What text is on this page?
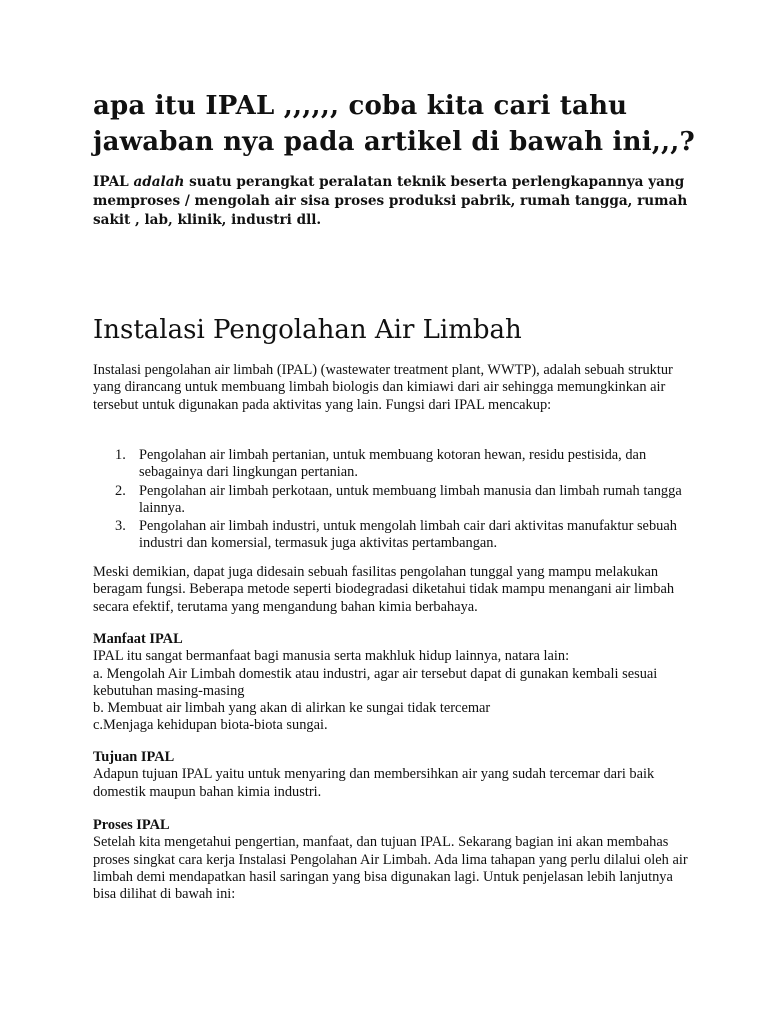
apa itu IPAL ,,,,,, coba kita cari tahu
jawaban nya pada artikel di bawah ini,,,?

IPAL adalah suatu perangkat peralatan teknik beserta perlengkapannya yang memproses / mengolah air sisa proses produksi pabrik, rumah tangga, rumah sakit , lab, klinik, industri dll.

Instalasi Pengolahan Air Limbah

Instalasi pengolahan air limbah (IPAL) (wastewater treatment plant, WWTP), adalah sebuah struktur yang dirancang untuk membuang limbah biologis dan kimiawi dari air sehingga memungkinkan air tersebut untuk digunakan pada aktivitas yang lain. Fungsi dari IPAL mencakup:

1. Pengolahan air limbah pertanian, untuk membuang kotoran hewan, residu pestisida, dan sebagainya dari lingkungan pertanian.
2. Pengolahan air limbah perkotaan, untuk membuang limbah manusia dan limbah rumah tangga lainnya.
3. Pengolahan air limbah industri, untuk mengolah limbah cair dari aktivitas manufaktur sebuah industri dan komersial, termasuk juga aktivitas pertambangan.

Meski demikian, dapat juga didesain sebuah fasilitas pengolahan tunggal yang mampu melakukan beragam fungsi. Beberapa metode seperti biodegradasi diketahui tidak mampu menangani air limbah secara efektif, terutama yang mengandung bahan kimia berbahaya.

Manfaat IPAL
IPAL itu sangat bermanfaat bagi manusia serta makhluk hidup lainnya, natara lain:
a. Mengolah Air Limbah domestik atau industri, agar air tersebut dapat di gunakan kembali sesuai kebutuhan masing-masing
b. Membuat air limbah yang akan di alirkan ke sungai tidak tercemar
c.Menjaga kehidupan biota-biota sungai.
Tujuan IPAL
Adapun tujuan IPAL yaitu untuk menyaring dan membersihkan air yang sudah tercemar dari baik domestik maupun bahan kimia industri.
Proses IPAL
Setelah kita mengetahui pengertian, manfaat, dan tujuan IPAL. Sekarang bagian ini akan membahas proses singkat cara kerja Instalasi Pengolahan Air Limbah. Ada lima tahapan yang perlu dilalui oleh air limbah demi mendapatkan hasil saringan yang bisa digunakan lagi. Untuk penjelasan lebih lanjutnya bisa dilihat di bawah ini:
